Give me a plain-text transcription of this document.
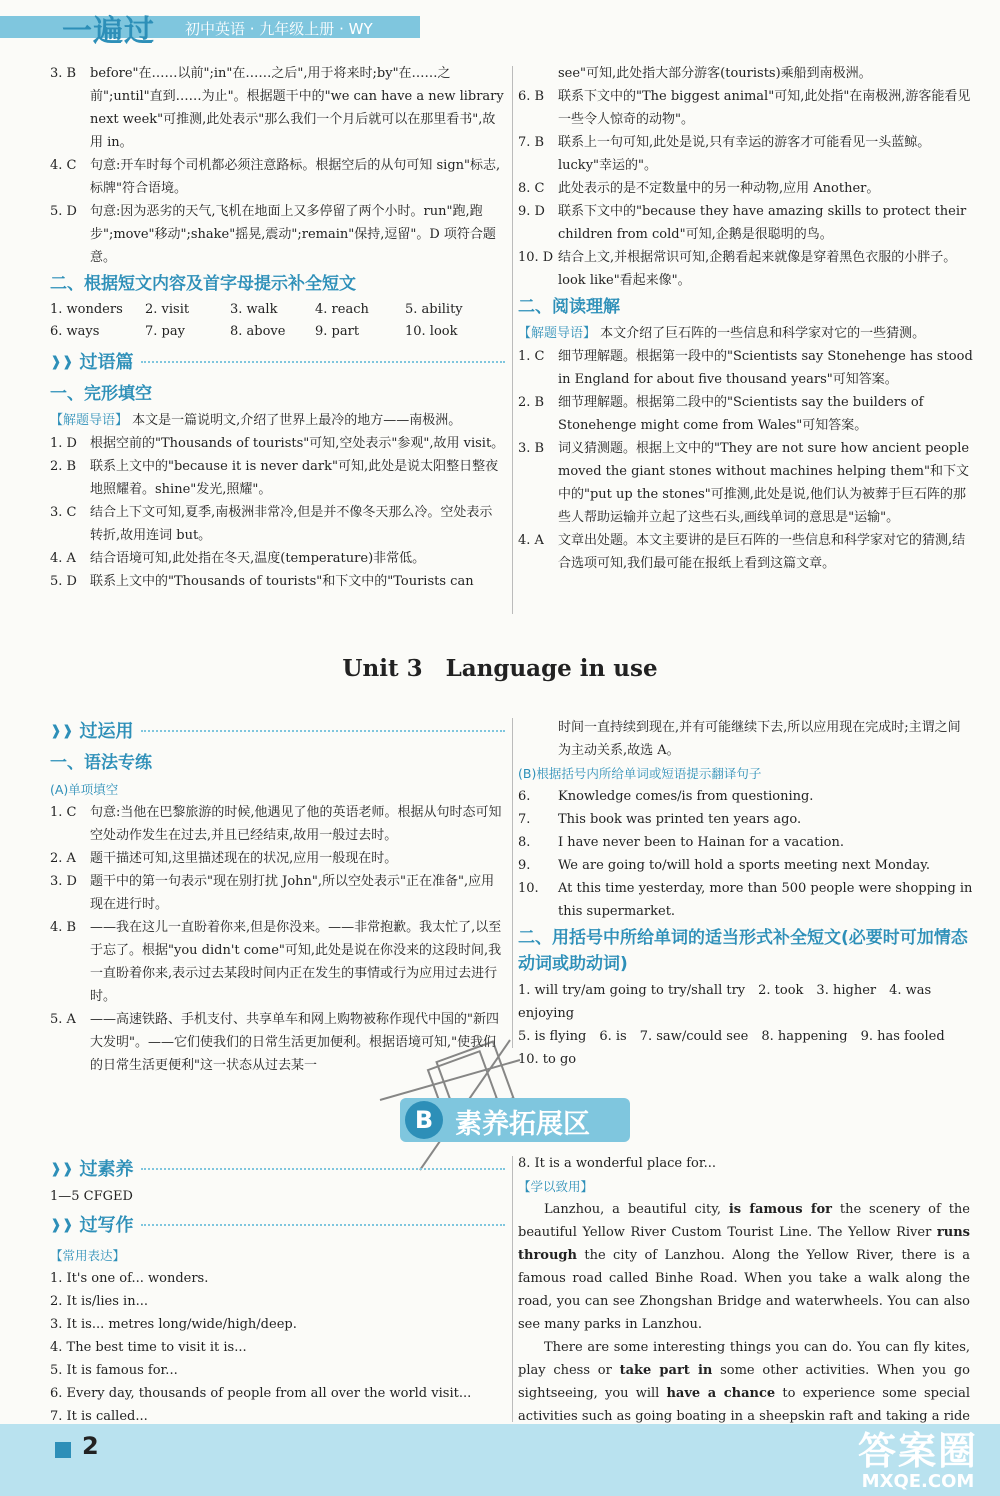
一遍过 初中英语 · 九年级上册 · WY

3. B before"在……以前";in"在……之后",用于将来时;by"在……之前";until"直到……为止"。根据题干中的"we can have a new library next week"可推测,此处表示"那么我们一个月后就可以在那里看书",故用 in。

4. C 句意:开车时每个司机都必须注意路标。根据空后的从句可知 sign"标志,标牌"符合语境。

5. D 句意:因为恶劣的天气,飞机在地面上又多停留了两个小时。run"跑,跑步";move"移动";shake"摇晃,震动";remain"保持,逗留"。D 项符合题意。

二、根据短文内容及首字母提示补全短文
1. wonders	2. visit	3. walk	4. reach	5. ability
6. ways	7. pay	8. above	9. part	10. look
❱❱ 过语篇
一、完形填空

【解题导语】 本文是一篇说明文,介绍了世界上最冷的地方——南极洲。

1. D 根据空前的"Thousands of tourists"可知,空处表示"参观",故用 visit。

2. B 联系上文中的"because it is never dark"可知,此处是说太阳整日整夜地照耀着。shine"发光,照耀"。

3. C 结合上下文可知,夏季,南极洲非常冷,但是并不像冬天那么冷。空处表示转折,故用连词 but。

4. A 结合语境可知,此处指在冬天,温度(temperature)非常低。

5. D 联系上文中的"Thousands of tourists"和下文中的"Tourists can

see"可知,此处指大部分游客(tourists)乘船到南极洲。

6. B 联系下文中的"The biggest animal"可知,此处指"在南极洲,游客能看见一些令人惊奇的动物"。

7. B 联系上一句可知,此处是说,只有幸运的游客才可能看见一头蓝鲸。lucky"幸运的"。

8. C 此处表示的是不定数量中的另一种动物,应用 Another。

9. D 联系下文中的"because they have amazing skills to protect their children from cold"可知,企鹅是很聪明的鸟。

10. D 结合上文,并根据常识可知,企鹅看起来就像是穿着黑色衣服的小胖子。look like"看起来像"。

二、阅读理解

【解题导语】 本文介绍了巨石阵的一些信息和科学家对它的一些猜测。

1. C 细节理解题。根据第一段中的"Scientists say Stonehenge has stood in England for about five thousand years"可知答案。

2. B 细节理解题。根据第二段中的"Scientists say the builders of Stonehenge might come from Wales"可知答案。

3. B 词义猜测题。根据上文中的"They are not sure how ancient people moved the giant stones without machines helping them"和下文中的"put up the stones"可推测,此处是说,他们认为被葬于巨石阵的那些人帮助运输并立起了这些石头,画线单词的意思是"运输"。

4. A 文章出处题。本文主要讲的是巨石阵的一些信息和科学家对它的猜测,结合选项可知,我们最可能在报纸上看到这篇文章。

Unit 3　Language in use
❱❱ 过运用
一、语法专练
(A)单项填空

1. C 句意:当他在巴黎旅游的时候,他遇见了他的英语老师。根据从句时态可知空处动作发生在过去,并且已经结束,故用一般过去时。

2. A 题干描述可知,这里描述现在的状况,应用一般现在时。

3. D 题干中的第一句表示"现在别打扰 John",所以空处表示"正在准备",应用现在进行时。

4. B ——我在这儿一直盼着你来,但是你没来。——非常抱歉。我太忙了,以至于忘了。根据"you didn't come"可知,此处是说在你没来的这段时间,我一直盼着你来,表示过去某段时间内正在发生的事情或行为应用过去进行时。

5. A ——高速铁路、手机支付、共享单车和网上购物被称作现代中国的"新四大发明"。——它们使我们的日常生活更加便利。根据语境可知,"使我们的日常生活更便利"这一状态从过去某一

时间一直持续到现在,并有可能继续下去,所以应用现在完成时;主谓之间为主动关系,故选 A。

(B)根据括号内所给单词或短语提示翻译句子

6. Knowledge comes/is from questioning.

7. This book was printed ten years ago.

8. I have never been to Hainan for a vacation.

9. We are going to/will hold a sports meeting next Monday.

10. At this time yesterday, more than 500 people were shopping in this supermarket.

二、用括号中所给单词的适当形式补全短文(必要时可加情态动词或助动词)

1. will try/am going to try/shall try　2. took　3. higher　4. was enjoying

5. is flying　6. is　7. saw/could see　8. happening　9. has fooled

10. to go

B 素养拓展区
❱❱ 过素养

1—5 CFGED

❱❱ 过写作
【常用表达】

1. It's one of... wonders.

2. It is/lies in...

3. It is... metres long/wide/high/deep.

4. The best time to visit it is...

5. It is famous for...

6. Every day, thousands of people from all over the world visit...

7. It is called...

8. It is a wonderful place for...

【学以致用】

Lanzhou, a beautiful city, is famous for the scenery of the beautiful Yellow River Custom Tourist Line. The Yellow River runs through the city of Lanzhou. Along the Yellow River, there is a famous road called Binhe Road. When you take a walk along the road, you can see Zhongshan Bridge and waterwheels. You can also see many parks in Lanzhou.

There are some interesting things you can do. You can fly kites, play chess or take part in some other activities. When you go sightseeing, you will have a chance to experience some special activities such as going boating in a sheepskin raft and taking a ride

2	答案圈
MXQE.COM
